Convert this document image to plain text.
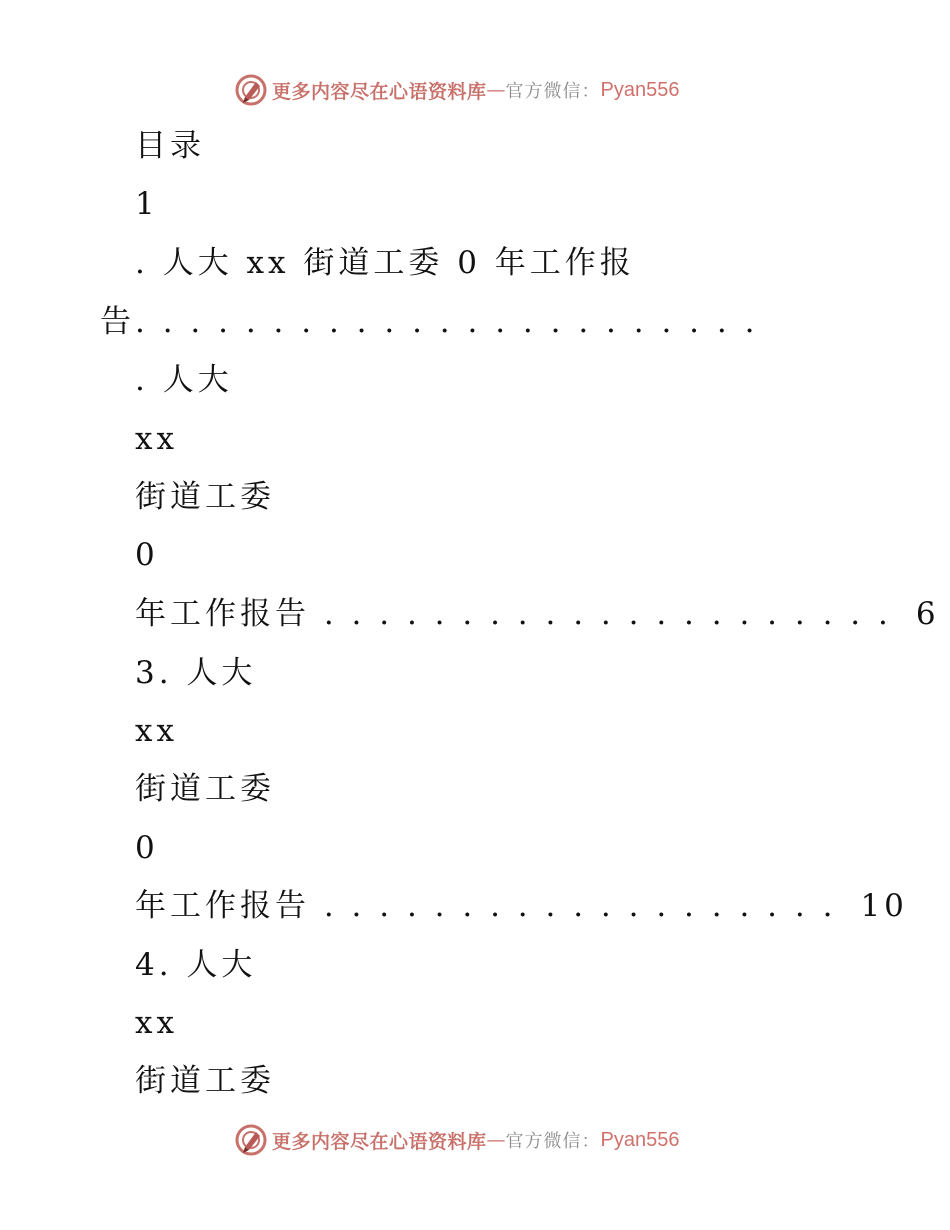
更多内容尽在心语资料库 — 官方微信： Pyan556
目录
1
. 人大 xx 街道工委 0 年工作报
告. . . . . . . . . . . . . . . . . . . . . . .
. 人大
xx
街道工委
0
年工作报告 . . . . . . . . . . . . . . . . . . . . . 6
3. 人大
xx
街道工委
0
年工作报告 . . . . . . . . . . . . . . . . . . . 10
4. 人大
xx
街道工委
更多内容尽在心语资料库 — 官方微信： Pyan556
